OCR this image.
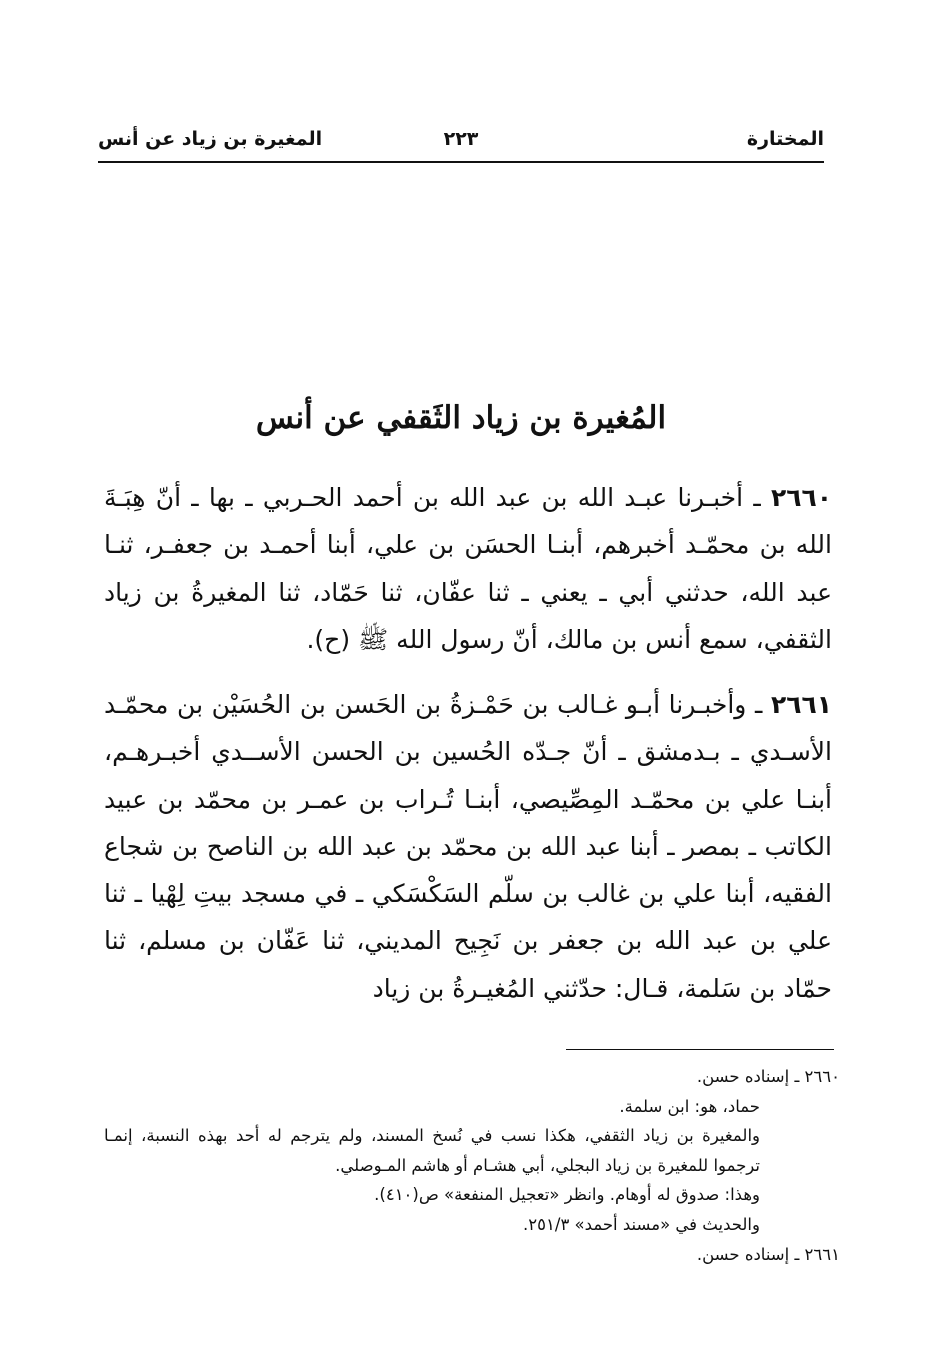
المختارة
٢٢٣
المغيرة بن زياد عن أنس
المُغيرة بن زياد الثَقفي عن أنس
٢٦٦٠ ـ أخبـرنا عبـد الله بن عبد الله بن أحمد الحـربي ـ بها ـ أنّ هِبَـةَ الله بن محمّـد أخبرهم، أبنـا الحسَن بن علي، أبنا أحمـد بن جعفـر، ثنـا عبد الله، حدثني أبي ـ يعني ـ ثنا عفّان، ثنا حَمّاد، ثنا المغيرةُ بن زياد الثقفي، سمع أنس بن مالك، أنّ رسول الله ﷺ (ح).
٢٦٦١ ـ وأخبـرنا أبـو غـالب بن حَمْـزةُ بن الحَسن بن الحُسَيْن بن محمّـد الأسـدي ـ بـدمشق ـ أنّ جـدّه الحُسين بن الحسن الأســدي أخبـرهـم، أبنـا علي بن محمّـد المِصِّيصي، أبنـا تُـراب بن عمـر بن محمّد بن عبيد الكاتب ـ بمصر ـ أبنا عبد الله بن محمّد بن عبد الله بن الناصح بن شجاع الفقيه، أبنا علي بن غالب بن سلّم السَكْسَكي ـ في مسجد بيتِ لِهْيا ـ ثنا علي بن عبد الله بن جعفر بن نَجِيح المديني، ثنا عَفّان بن مسلم، ثنا حمّاد بن سَلمة، قـال: حدّثني المُغيـرةُ بن زياد

٢٦٦٠ ـ إسناده حسن.

حماد، هو: ابن سلمة.

والمغيرة بن زياد الثقفي، هكذا نسب في نُسخ المسند، ولم يترجم له أحد بهذه النسبة، إنمـا ترجموا للمغيرة بن زياد البجلي، أبي هشـام أو هاشم المـوصلي.

وهذا: صدوق له أوهام. وانظر «تعجيل المنفعة» ص(٤١٠).

والحديث في «مسند أحمد» ٢٥١/٣.

٢٦٦١ ـ إسناده حسن.
